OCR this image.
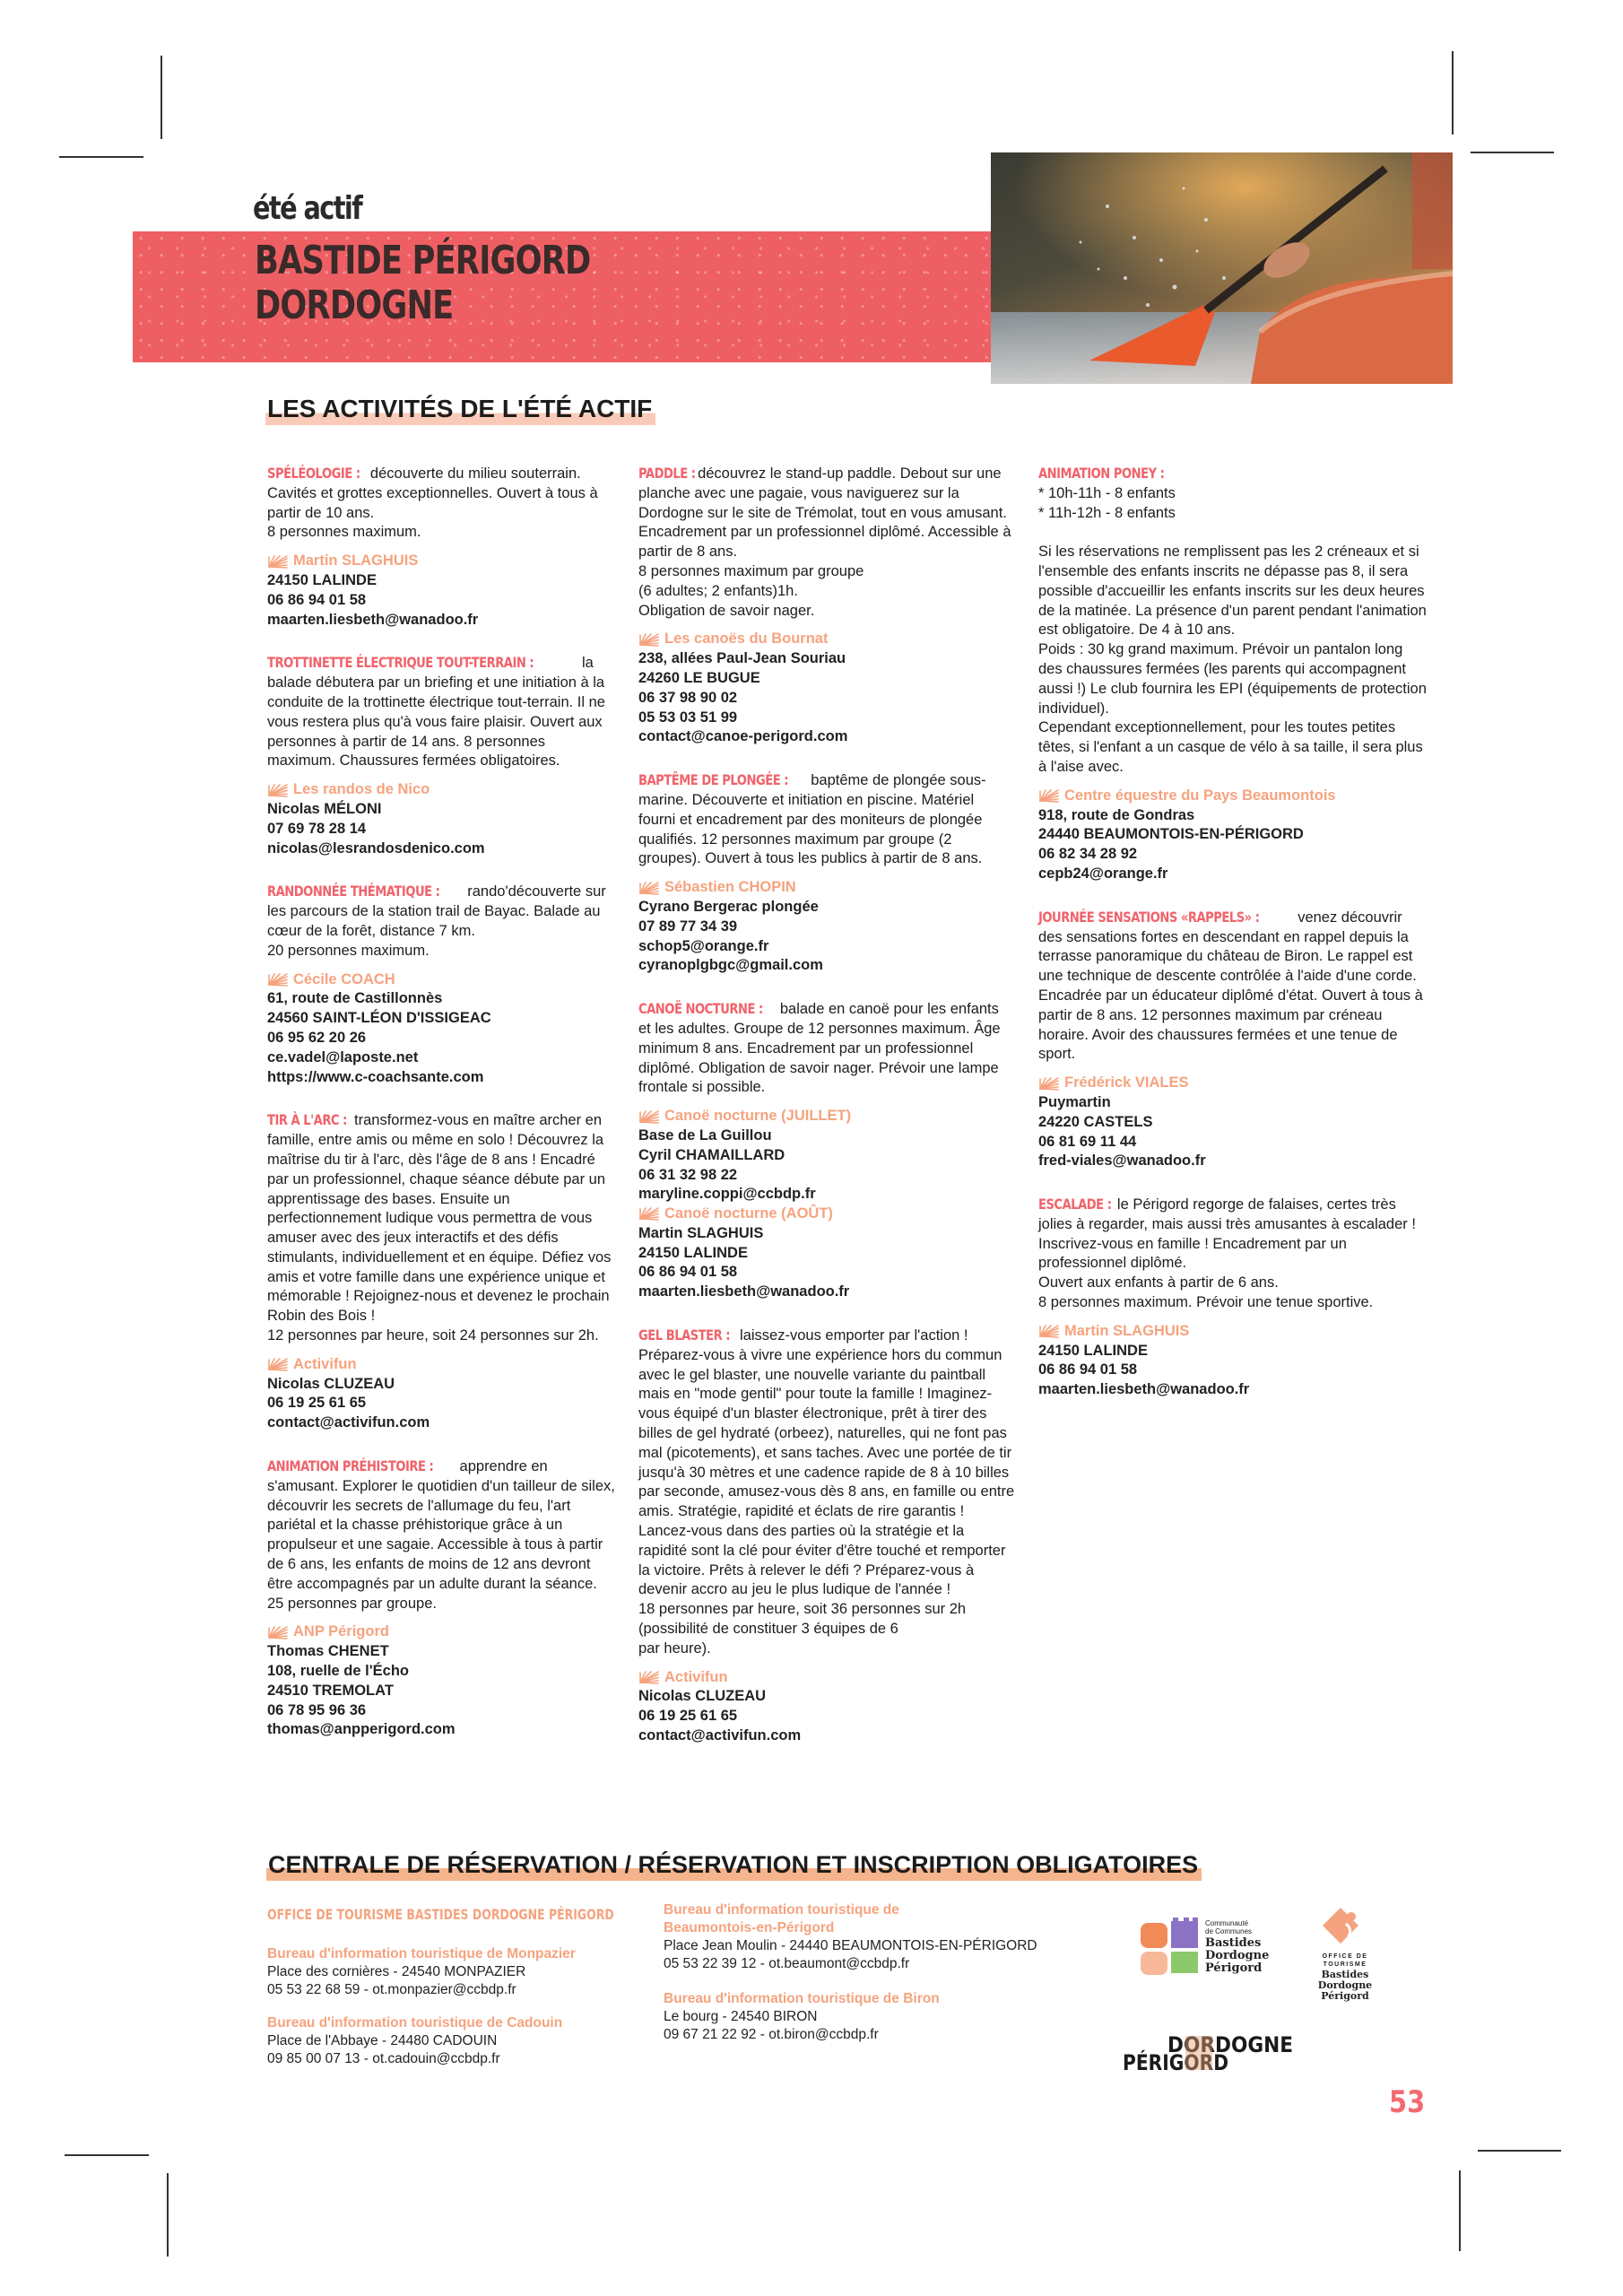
été actif
BASTIDE PÉRIGORD
DORDOGNE
LES ACTIVITÉS DE L'ÉTÉ ACTIF
SPÉLÉOLOGIE : découverte du milieu souterrain. Cavités et grottes exceptionnelles. Ouvert à tous à partir de 10 ans.
8 personnes maximum.
Martin SLAGHUIS
24150 LALINDE
06 86 94 01 58
maarten.liesbeth@wanadoo.fr
TROTTINETTE ÉLECTRIQUE TOUT-TERRAIN :	la balade débutera par un briefing et une initiation à la conduite de la trottinette électrique tout-terrain. Il ne vous restera plus qu'à vous faire plaisir. Ouvert aux personnes à partir de 14 ans. 8 personnes maximum. Chaussures fermées obligatoires.
Les randos de Nico
Nicolas MÉLONI
07 69 78 28 14
nicolas@lesrandosdenico.com
RANDONNÉE THÉMATIQUE : rando'découverte sur les parcours de la station trail de Bayac. Balade au cœur de la forêt, distance 7 km.
20 personnes maximum.
Cécile COACH
61, route de Castillonnès
24560 SAINT-LÉON D'ISSIGEAC
06 95 62 20 26
ce.vadel@laposte.net
https://www.c-coachsante.com
TIR À L'ARC : transformez-vous en maître archer en famille, entre amis ou même en solo ! Découvrez la maîtrise du tir à l'arc, dès l'âge de 8 ans ! Encadré par un professionnel, chaque séance débute par un apprentissage des bases. Ensuite un perfectionnement ludique vous permettra de vous amuser avec des jeux interactifs et des défis stimulants, individuellement et en équipe. Défiez vos amis et votre famille dans une expérience unique et mémorable ! Rejoignez-nous et devenez le prochain Robin des Bois !
12 personnes par heure, soit 24 personnes sur 2h.
Activifun
Nicolas CLUZEAU
06 19 25 61 65
contact@activifun.com
ANIMATION PRÉHISTOIRE : apprendre en s'amusant. Explorer le quotidien d'un tailleur de silex, découvrir les secrets de l'allumage du feu, l'art pariétal et la chasse préhistorique grâce à un propulseur et une sagaie. Accessible à tous à partir de 6 ans, les enfants de moins de 12 ans devront être accompagnés par un adulte durant la séance. 25 personnes par groupe.
ANP Périgord
Thomas CHENET
108, ruelle de l'Écho
24510 TREMOLAT
06 78 95 96 36
thomas@anpperigord.com
PADDLE : découvrez le stand-up paddle. Debout sur une planche avec une pagaie, vous naviguerez sur la Dordogne sur le site de Trémolat, tout en vous amusant. Encadrement par un professionnel diplômé. Accessible à partir de 8 ans.
8 personnes maximum par groupe
(6 adultes; 2 enfants)1h.
Obligation de savoir nager.
Les canoës du Bournat
238, allées Paul-Jean Souriau
24260 LE BUGUE
06 37 98 90 02
05 53 03 51 99
contact@canoe-perigord.com
BAPTÊME DE PLONGÉE : baptême de plongée sous-marine. Découverte et initiation en piscine. Matériel fourni et encadrement par des moniteurs de plongée qualifiés. 12 personnes maximum par groupe (2 groupes). Ouvert à tous les publics à partir de 8 ans.
Sébastien CHOPIN
Cyrano Bergerac plongée
07 89 77 34 39
schop5@orange.fr
cyranoplgbgc@gmail.com
CANOË NOCTURNE : balade en canoë pour les enfants et les adultes. Groupe de 12 personnes maximum. Âge minimum 8 ans. Encadrement par un professionnel diplômé. Obligation de savoir nager. Prévoir une lampe frontale si possible.
Canoë nocturne (JUILLET)
Base de La Guillou
Cyril CHAMAILLARD
06 31 32 98 22
maryline.coppi@ccbdp.fr
Canoë nocturne (AOÛT)
Martin SLAGHUIS
24150 LALINDE
06 86 94 01 58
maarten.liesbeth@wanadoo.fr
GEL BLASTER : laissez-vous emporter par l'action ! Préparez-vous à vivre une expérience hors du commun avec le gel blaster, une nouvelle variante du paintball mais en "mode gentil" pour toute la famille ! Imaginez-vous équipé d'un blaster électronique, prêt à tirer des billes de gel hydraté (orbeez), naturelles, qui ne font pas mal (picotements), et sans taches. Avec une portée de tir jusqu'à 30 mètres et une cadence rapide de 8 à 10 billes par seconde, amusez-vous dès 8 ans, en famille ou entre amis. Stratégie, rapidité et éclats de rire garantis ! Lancez-vous dans des parties où la stratégie et la rapidité sont la clé pour éviter d'être touché et remporter la victoire. Prêts à relever le défi ? Préparez-vous à devenir accro au jeu le plus ludique de l'année !
18 personnes par heure, soit 36 personnes sur 2h (possibilité de constituer 3 équipes de 6
par heure).
Activifun
Nicolas CLUZEAU
06 19 25 61 65
contact@activifun.com
ANIMATION PONEY :
* 10h-11h - 8 enfants
* 11h-12h - 8 enfants

Si les réservations ne remplissent pas les 2 créneaux et si l'ensemble des enfants inscrits ne dépasse pas 8, il sera possible d'accueillir les enfants inscrits sur les deux heures de la matinée. La présence d'un parent pendant l'animation est obligatoire. De 4 à 10 ans.
Poids : 30 kg grand maximum. Prévoir un pantalon long des chaussures fermées (les parents qui accompagnent aussi !) Le club fournira les EPI (équipements de protection individuel).
Cependant exceptionnellement, pour les toutes petites têtes, si l'enfant a un casque de vélo à sa taille, il sera plus à l'aise avec.
Centre équestre du Pays Beaumontois
918, route de Gondras
24440 BEAUMONTOIS-EN-PÉRIGORD
06 82 34 28 92
cepb24@orange.fr
JOURNÉE SENSATIONS «RAPPELS» : venez découvrir des sensations fortes en descendant en rappel depuis la terrasse panoramique du château de Biron. Le rappel est une technique de descente contrôlée à l'aide d'une corde. Encadrée par un éducateur diplômé d'état. Ouvert à tous à partir de 8 ans. 12 personnes maximum par créneau horaire. Avoir des chaussures fermées et une tenue de sport.
Frédérick VIALES
Puymartin
24220 CASTELS
06 81 69 11 44
fred-viales@wanadoo.fr
ESCALADE : le Périgord regorge de falaises, certes très jolies à regarder, mais aussi très amusantes à escalader ! Inscrivez-vous en famille ! Encadrement par un professionnel diplômé.
Ouvert aux enfants à partir de 6 ans.
8 personnes maximum. Prévoir une tenue sportive.
Martin SLAGHUIS
24150 LALINDE
06 86 94 01 58
maarten.liesbeth@wanadoo.fr
CENTRALE DE RÉSERVATION / RÉSERVATION ET INSCRIPTION OBLIGATOIRES
OFFICE DE TOURISME BASTIDES DORDOGNE PÉRIGORD
Bureau d'information touristique de Monpazier
Place des cornières - 24540 MONPAZIER
05 53 22 68 59 - ot.monpazier@ccbdp.fr
Bureau d'information touristique de Cadouin
Place de l'Abbaye - 24480 CADOUIN
09 85 00 07 13 - ot.cadouin@ccbdp.fr
Bureau d'information touristique de
Beaumontois-en-Périgord
Place Jean Moulin - 24440 BEAUMONTOIS-EN-PÉRIGORD
05 53 22 39 12 - ot.beaumont@ccbdp.fr
Bureau d'information touristique de Biron
Le bourg - 24540 BIRON
09 67 21 22 92 - ot.biron@ccbdp.fr
Communauté
de Communes
Bastides
Dordogne
Périgord
OFFICE DE
TOURISME
Bastides
Dordogne
Périgord
DORDOGNE
PÉRIGORD
53
